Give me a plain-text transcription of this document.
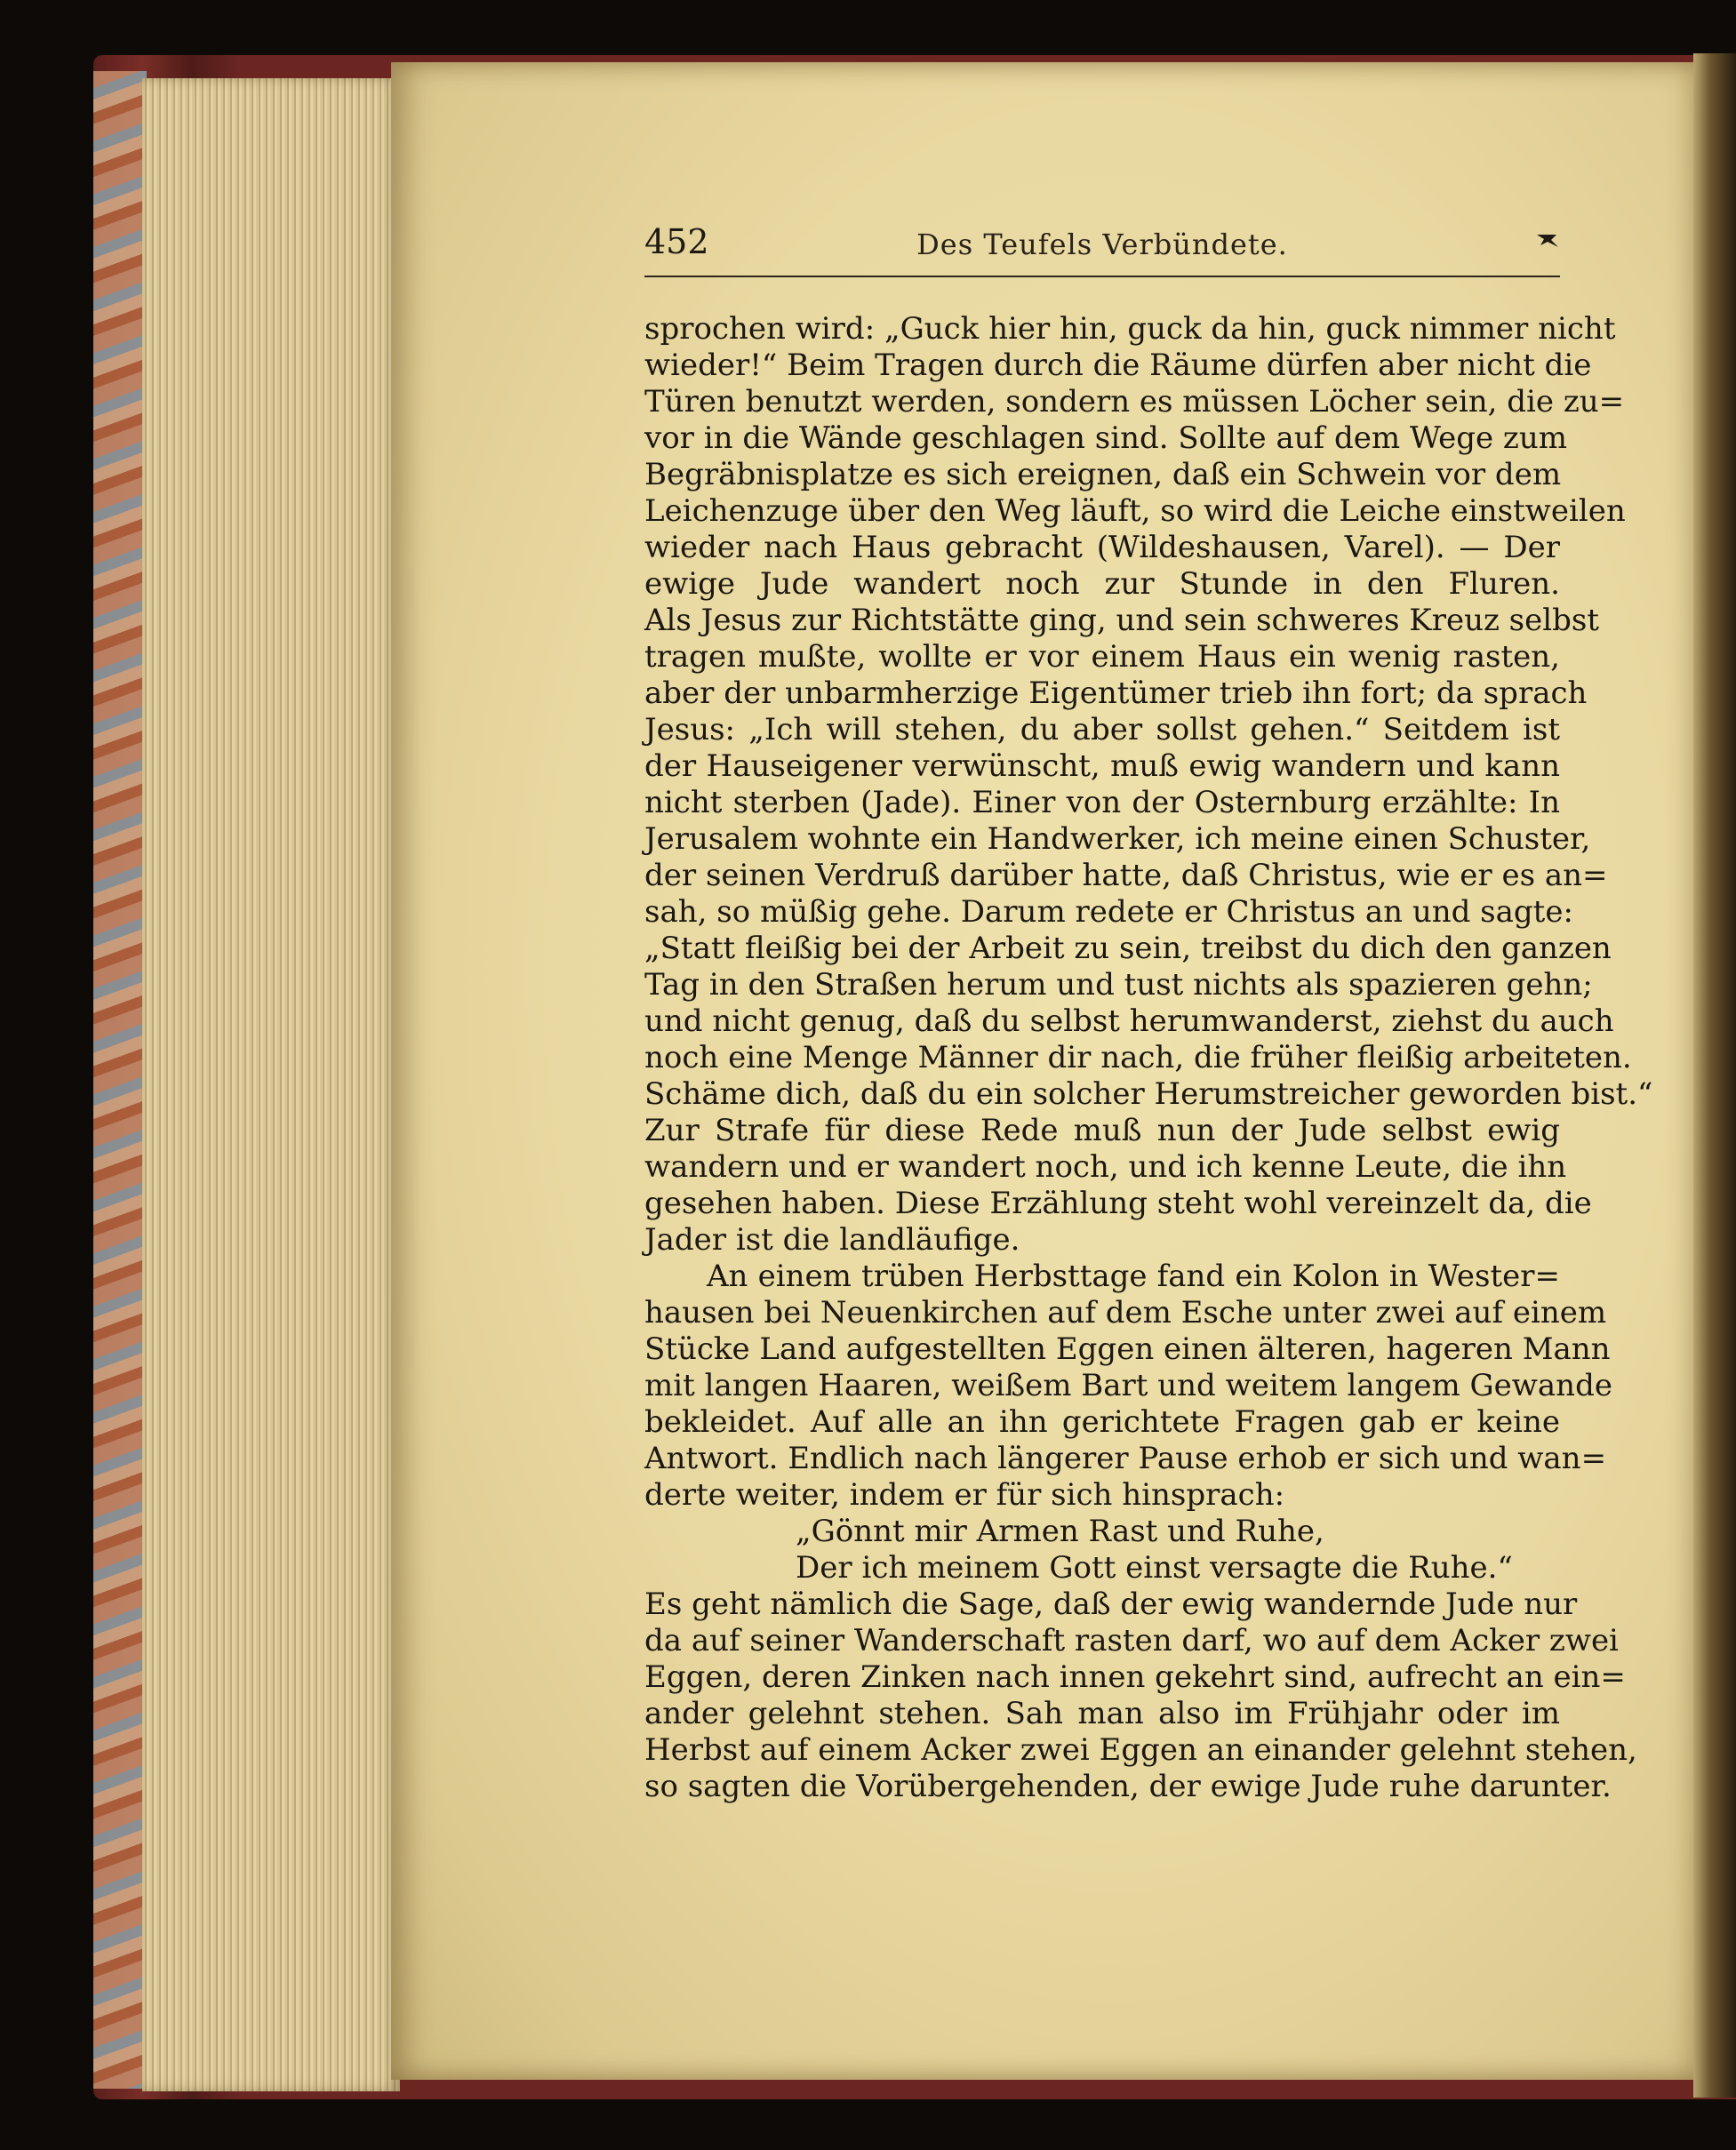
452	Des Teufels Verbündete.
sprochen wird: „Guck hier hin, guck da hin, guck nimmer nicht
wieder!“ Beim Tragen durch die Räume dürfen aber nicht die
Türen benutzt werden, sondern es müssen Löcher sein, die zu=
vor in die Wände geschlagen sind. Sollte auf dem Wege zum
Begräbnisplatze es sich ereignen, daß ein Schwein vor dem
Leichenzuge über den Weg läuft, so wird die Leiche einstweilen
wieder nach Haus gebracht (Wildeshausen, Varel). — Der
ewige Jude wandert noch zur Stunde in den Fluren.
Als Jesus zur Richtstätte ging, und sein schweres Kreuz selbst
tragen mußte, wollte er vor einem Haus ein wenig rasten,
aber der unbarmherzige Eigentümer trieb ihn fort; da sprach
Jesus: „Ich will stehen, du aber sollst gehen.“ Seitdem ist
der Hauseigener verwünscht, muß ewig wandern und kann
nicht sterben (Jade). Einer von der Osternburg erzählte: In
Jerusalem wohnte ein Handwerker, ich meine einen Schuster,
der seinen Verdruß darüber hatte, daß Christus, wie er es an=
sah, so müßig gehe. Darum redete er Christus an und sagte:
„Statt fleißig bei der Arbeit zu sein, treibst du dich den ganzen
Tag in den Straßen herum und tust nichts als spazieren gehn;
und nicht genug, daß du selbst herumwanderst, ziehst du auch
noch eine Menge Männer dir nach, die früher fleißig arbeiteten.
Schäme dich, daß du ein solcher Herumstreicher geworden bist.“
Zur Strafe für diese Rede muß nun der Jude selbst ewig
wandern und er wandert noch, und ich kenne Leute, die ihn
gesehen haben. Diese Erzählung steht wohl vereinzelt da, die
Jader ist die landläufige.
An einem trüben Herbsttage fand ein Kolon in Wester=
hausen bei Neuenkirchen auf dem Esche unter zwei auf einem
Stücke Land aufgestellten Eggen einen älteren, hageren Mann
mit langen Haaren, weißem Bart und weitem langem Gewande
bekleidet. Auf alle an ihn gerichtete Fragen gab er keine
Antwort. Endlich nach längerer Pause erhob er sich und wan=
derte weiter, indem er für sich hinsprach:
„Gönnt mir Armen Rast und Ruhe,
Der ich meinem Gott einst versagte die Ruhe.“
Es geht nämlich die Sage, daß der ewig wandernde Jude nur
da auf seiner Wanderschaft rasten darf, wo auf dem Acker zwei
Eggen, deren Zinken nach innen gekehrt sind, aufrecht an ein=
ander gelehnt stehen. Sah man also im Frühjahr oder im
Herbst auf einem Acker zwei Eggen an einander gelehnt stehen,
so sagten die Vorübergehenden, der ewige Jude ruhe darunter.
